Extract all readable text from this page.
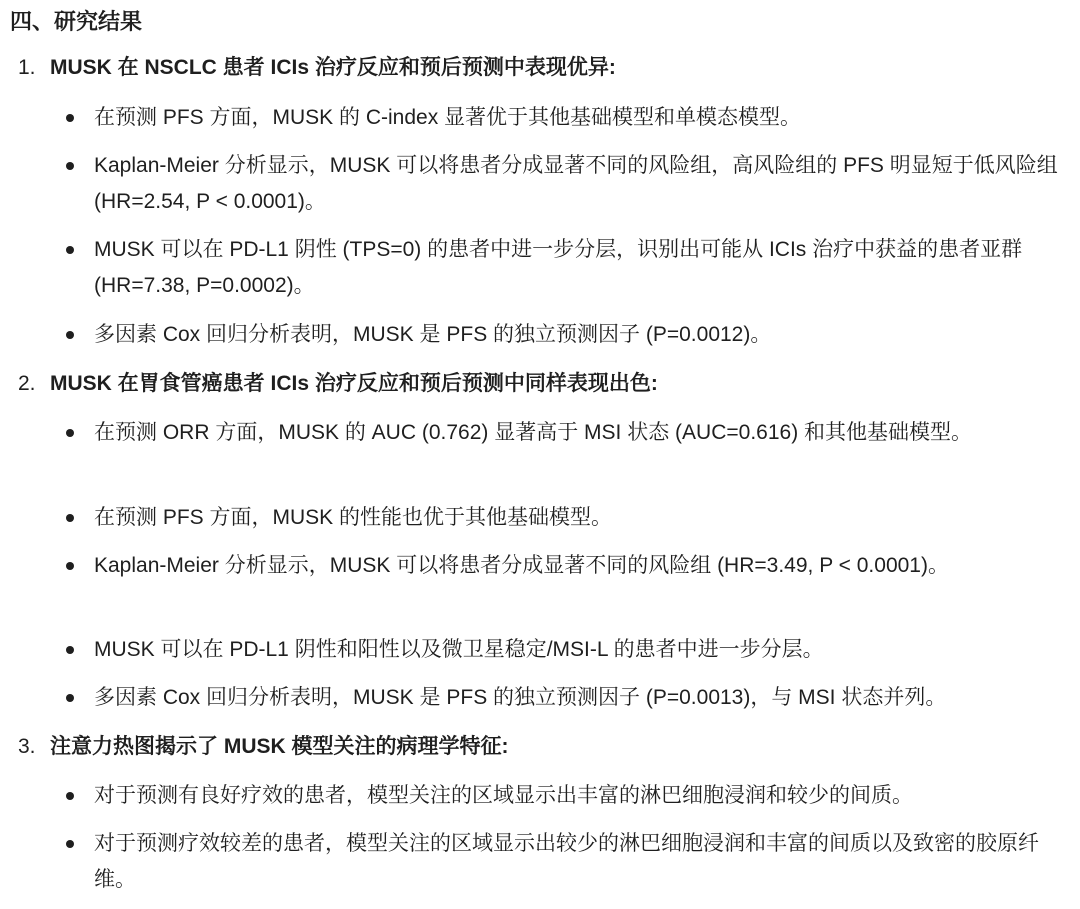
四、研究结果
1. MUSK 在 NSCLC 患者 ICIs 治疗反应和预后预测中表现优异:
在预测 PFS 方面，MUSK 的 C-index 显著优于其他基础模型和单模态模型。
Kaplan-Meier 分析显示，MUSK 可以将患者分成显著不同的风险组，高风险组的 PFS 明显短于低风险组 (HR=2.54, P < 0.0001)。
MUSK 可以在 PD-L1 阴性 (TPS=0) 的患者中进一步分层，识别出可能从 ICIs 治疗中获益的患者亚群 (HR=7.38, P=0.0002)。
多因素 Cox 回归分析表明，MUSK 是 PFS 的独立预测因子 (P=0.0012)。
2. MUSK 在胃食管癌患者 ICIs 治疗反应和预后预测中同样表现出色:
在预测 ORR 方面，MUSK 的 AUC (0.762) 显著高于 MSI 状态 (AUC=0.616) 和其他基础模型。
在预测 PFS 方面，MUSK 的性能也优于其他基础模型。
Kaplan-Meier 分析显示，MUSK 可以将患者分成显著不同的风险组 (HR=3.49, P < 0.0001)。
MUSK 可以在 PD-L1 阴性和阳性以及微卫星稳定/MSI-L 的患者中进一步分层。
多因素 Cox 回归分析表明，MUSK 是 PFS 的独立预测因子 (P=0.0013)，与 MSI 状态并列。
3. 注意力热图揭示了 MUSK 模型关注的病理学特征:
对于预测有良好疗效的患者，模型关注的区域显示出丰富的淋巴细胞浸润和较少的间质。
对于预测疗效较差的患者，模型关注的区域显示出较少的淋巴细胞浸润和丰富的间质以及致密的胶原纤维。
